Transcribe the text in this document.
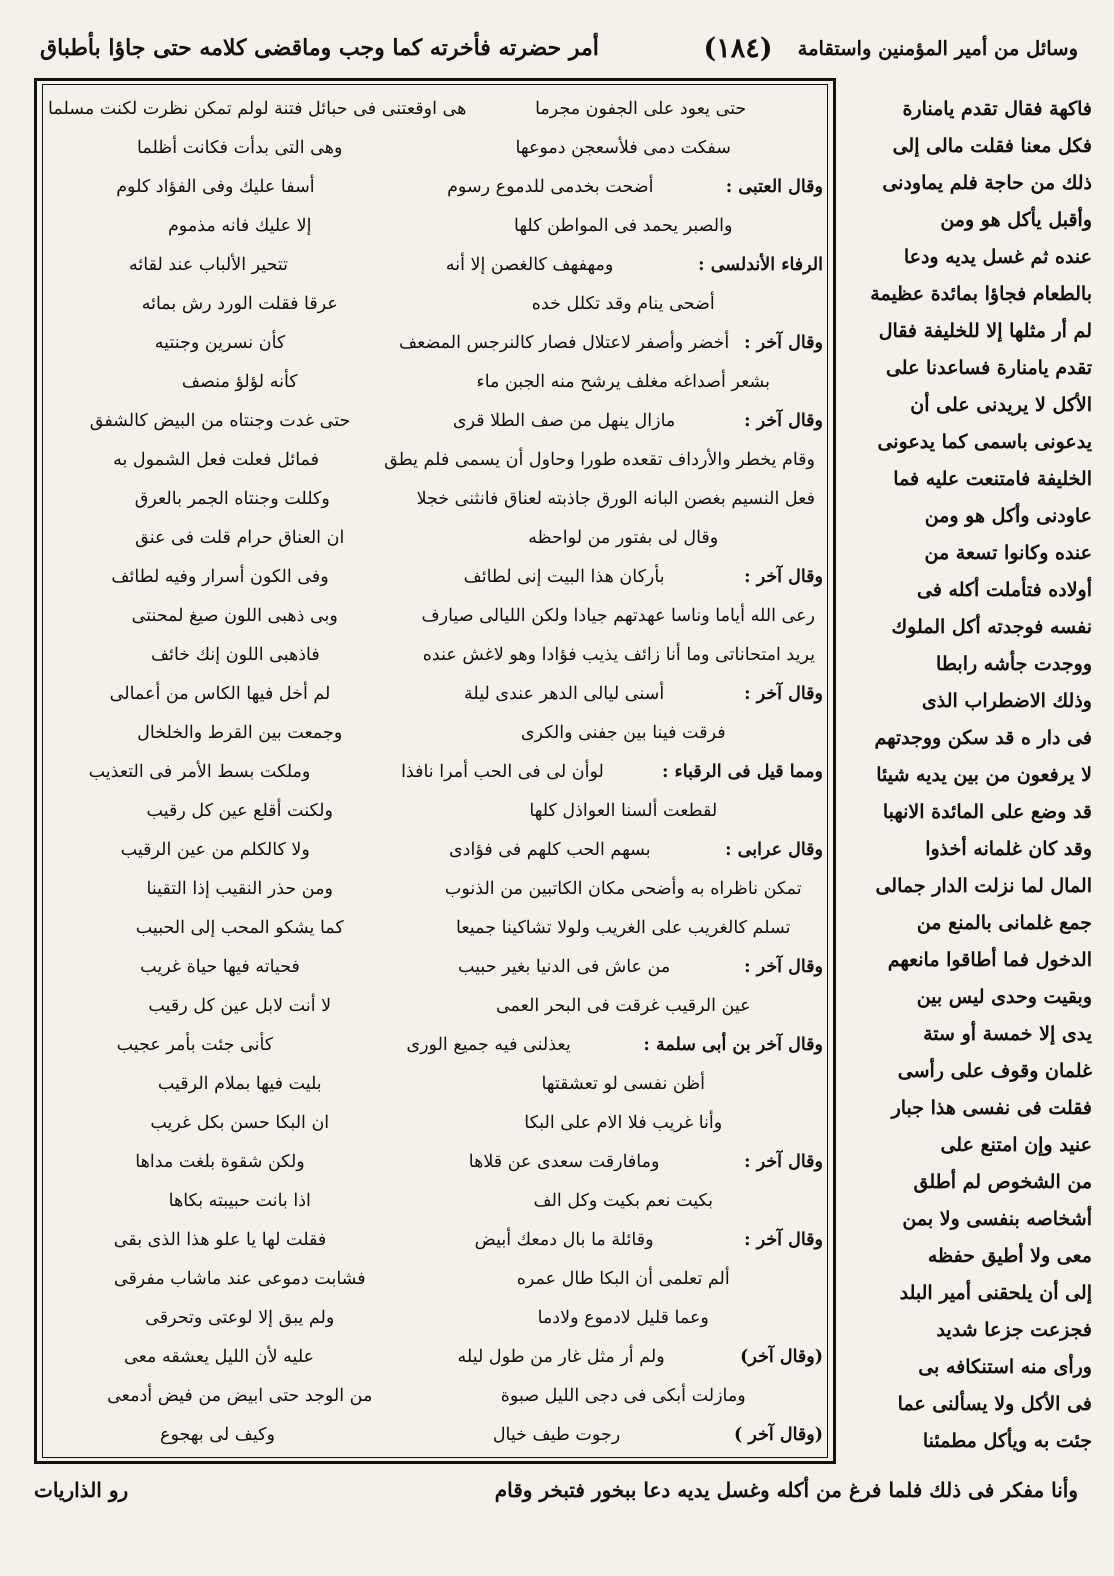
وسائل من أمير المؤمنين واستقامة
(١٨٤)
أمر حضرته فأخرته كما وجب وماقضى كلامه حتى جاؤا بأطباق
حتى يعود على الجفون مجرما
هى اوقعتنى فى حبائل فتنة لولم تمكن نظرت لكنت مسلما
سفكت دمى فلأسعجن دموعها
وهى التى بدأت فكانت أظلما
وقال العتبى :
أضحت بخدمى للدموع رسوم
أسفا عليك وفى الفؤاد كلوم
والصبر يحمد فى المواطن كلها
إلا عليك فانه مذموم
الرفاء الأندلسى :
ومهفهف كالغصن إلا أنه
تتحير الألباب عند لقائه
أضحى ينام وقد تكلل خده
عرقا فقلت الورد رش بمائه
وقال آخر :
أخضر وأصفر لاعتلال فصار كالنرجس المضعف
كأن نسرين وجنتيه
بشعر أصداغه مغلف يرشح منه الجبن ماء
كأنه لؤلؤ منصف
وقال آخر :
مازال ينهل من صف الطلا قرى
حتى غدت وجنتاه من البيض كالشفق
وقام يخطر والأرداف تقعده طورا وحاول أن يسمى فلم يطق
فمائل فعلت فعل الشمول به
فعل النسيم بغصن البانه الورق جاذبته لعناق فانثنى خجلا
وكللت وجنتاه الجمر بالعرق
وقال لى بفتور من لواحظه
ان العناق حرام قلت فى عنق
وقال آخر :
بأركان هذا البيت إنى لطائف
وفى الكون أسرار وفيه لطائف
رعى الله أياما وناسا عهدتهم جيادا ولكن الليالى صيارف
وبى ذهبى اللون صيغ لمحنتى
يريد امتحاناتى وما أنا زائف يذيب فؤادا وهو لاغش عنده
فاذهبى اللون إنك خائف
وقال آخر :
أسنى ليالى الدهر عندى ليلة
لم أخل فيها الكاس من أعمالى
فرقت فينا بين جفنى والكرى
وجمعت بين القرط والخلخال
ومما قيل فى الرقباء :
لوأن لى فى الحب أمرا نافذا
وملكت بسط الأمر فى التعذيب
لقطعت ألسنا العواذل كلها
ولكنت أقلع عين كل رقيب
وقال عرابى :
بسهم الحب كلهم فى فؤادى
ولا كالكلم من عين الرقيب
تمكن ناظراه به وأضحى مكان الكاتبين من الذنوب
ومن حذر النقيب إذا التقينا
تسلم كالغريب على الغريب ولولا تشاكينا جميعا
كما يشكو المحب إلى الحبيب
وقال آخر :
من عاش فى الدنيا بغير حبيب
فحياته فيها حياة غريب
عين الرقيب غرقت فى البحر العمى
لا أنت لابل عين كل رقيب
وقال آخر بن أبى سلمة :
يعذلنى فيه جميع الورى
كأنى جئت بأمر عجيب
أظن نفسى لو تعشقتها
بليت فيها بملام الرقيب
وأنا غريب فلا الام على البكا
ان البكا حسن بكل غريب
وقال آخر :
ومافارقت سعدى عن قلاها
ولكن شقوة بلغت مداها
بكيت نعم بكيت وكل الف
اذا بانت حبيبته بكاها
وقال آخر :
وقائلة ما بال دمعك أبيض
فقلت لها يا علو هذا الذى بقى
ألم تعلمى أن البكا طال عمره
فشابت دموعى عند ماشاب مفرقى
وعما قليل لادموع ولادما
ولم يبق إلا لوعتى وتحرقى
(وقال آخر)
ولم أر مثل غار من طول ليله
عليه لأن الليل يعشقه معى
ومازلت أبكى فى دجى الليل صبوة
من الوجد حتى ابيض من فيض أدمعى
(وقال آخر )
رجوت طيف خيال
وكيف لى بهجوع
فاكهة فقال تقدم يامنارة
فكل معنا فقلت مالى إلى
ذلك من حاجة فلم يماودنى
وأقبل يأكل هو ومن
عنده ثم غسل يديه ودعا
بالطعام فجاؤا بمائدة عظيمة
لم أر مثلها إلا للخليفة فقال
تقدم يامنارة فساعدنا على
الأكل لا يريدنى على أن
يدعونى باسمى كما يدعونى
الخليفة فامتنعت عليه فما
عاودنى وأكل هو ومن
عنده وكانوا تسعة من
أولاده فتأملت أكله فى
نفسه فوجدته أكل الملوك
ووجدت جأشه رابطا
وذلك الاضطراب الذى
فى دار ه قد سكن ووجدتهم
لا يرفعون من بين يديه شيئا
قد وضع على المائدة الانهبا
وقد كان غلمانه أخذوا
المال لما نزلت الدار جمالى
جمع غلمانى بالمنع من
الدخول فما أطاقوا مانعهم
وبقيت وحدى ليس بين
يدى إلا خمسة أو ستة
غلمان وقوف على رأسى
فقلت فى نفسى هذا جبار
عنيد وإن امتنع على
من الشخوص لم أطلق
أشخاصه بنفسى ولا بمن
معى ولا أطيق حفظه
إلى أن يلحقنى أمير البلد
فجزعت جزعا شديد
ورأى منه استنكافه بى
فى الأكل ولا يسألنى عما
جئت به ويأكل مطمئنا
وأنا مفكر فى ذلك فلما فرغ من أكله وغسل يديه دعا ببخور فتبخر وقام
رو الذاريات
